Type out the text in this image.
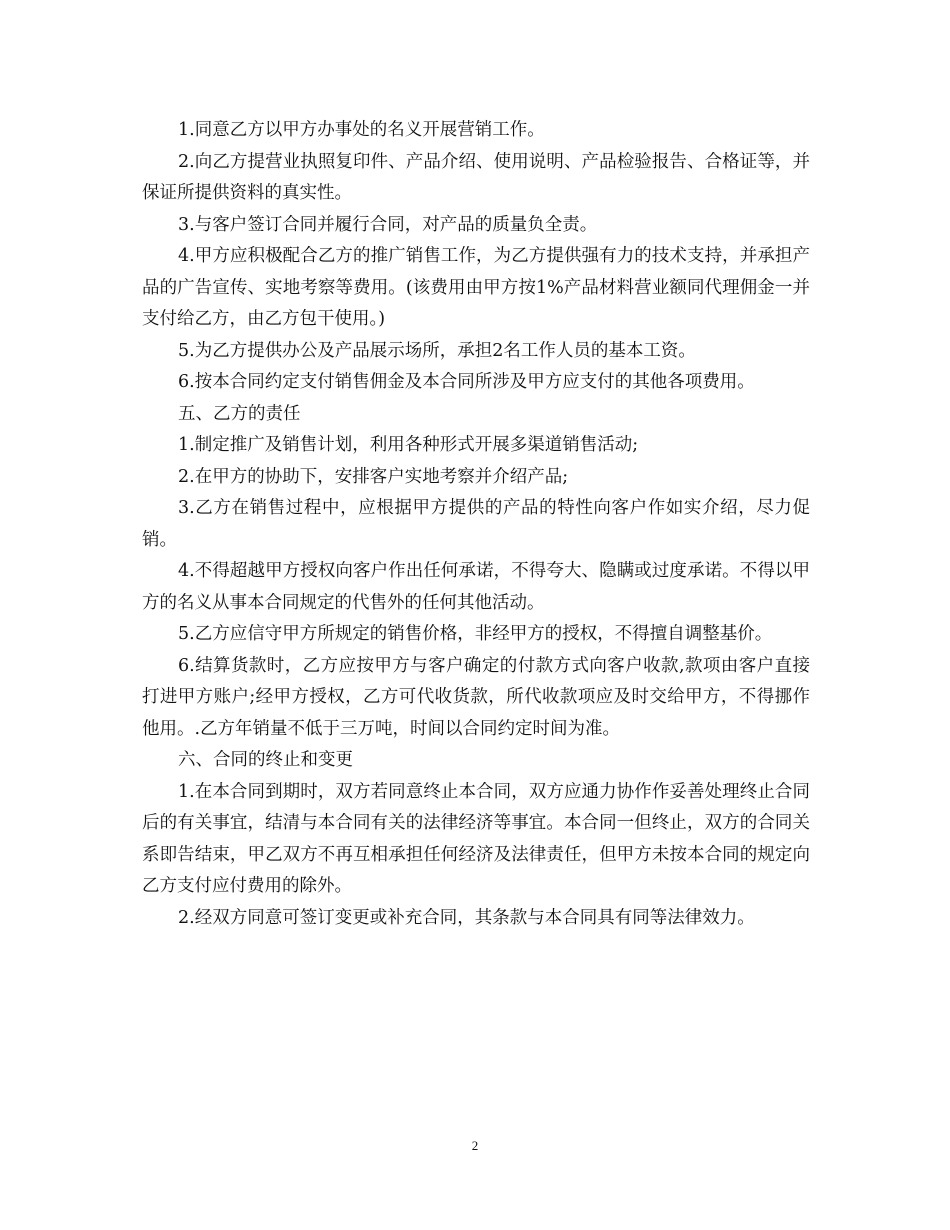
1.同意乙方以甲方办事处的名义开展营销工作。

2.向乙方提营业执照复印件、产品介绍、使用说明、产品检验报告、合格证等，并保证所提供资料的真实性。

3.与客户签订合同并履行合同，对产品的质量负全责。

4.甲方应积极配合乙方的推广销售工作，为乙方提供强有力的技术支持，并承担产品的广告宣传、实地考察等费用。(该费用由甲方按1%产品材料营业额同代理佣金一并支付给乙方，由乙方包干使用。)

5.为乙方提供办公及产品展示场所，承担2名工作人员的基本工资。

6.按本合同约定支付销售佣金及本合同所涉及甲方应支付的其他各项费用。

五、乙方的责任

1.制定推广及销售计划，利用各种形式开展多渠道销售活动;

2.在甲方的协助下，安排客户实地考察并介绍产品;

3.乙方在销售过程中，应根据甲方提供的产品的特性向客户作如实介绍，尽力促销。

4.不得超越甲方授权向客户作出任何承诺，不得夸大、隐瞒或过度承诺。不得以甲方的名义从事本合同规定的代售外的任何其他活动。

5.乙方应信守甲方所规定的销售价格，非经甲方的授权，不得擅自调整基价。

6.结算货款时，乙方应按甲方与客户确定的付款方式向客户收款,款项由客户直接打进甲方账户;经甲方授权，乙方可代收货款，所代收款项应及时交给甲方，不得挪作他用。.乙方年销量不低于三万吨，时间以合同约定时间为准。

六、合同的终止和变更

1.在本合同到期时，双方若同意终止本合同，双方应通力协作作妥善处理终止合同后的有关事宜，结清与本合同有关的法律经济等事宜。本合同一但终止，双方的合同关系即告结束，甲乙双方不再互相承担任何经济及法律责任，但甲方未按本合同的规定向乙方支付应付费用的除外。

2.经双方同意可签订变更或补充合同，其条款与本合同具有同等法律效力。

2
